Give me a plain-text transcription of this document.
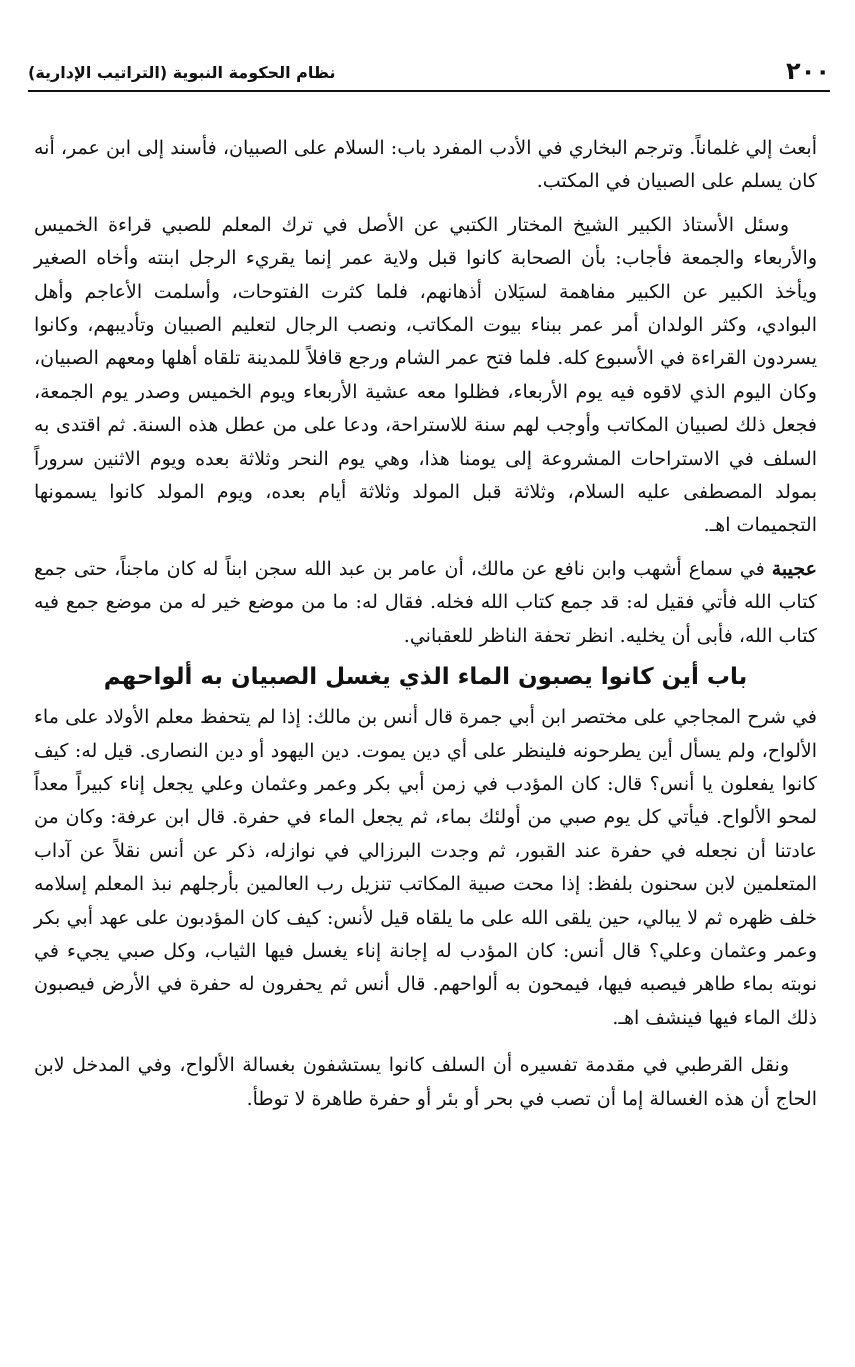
٢٠٠
نظام الحكومة النبوية (التراتيب الإدارية)

أبعث إلي غلماناً. وترجم البخاري في الأدب المفرد باب: السلام على الصبيان، فأسند إلى ابن عمر، أنه كان يسلم على الصبيان في المكتب.

وسئل الأستاذ الكبير الشيخ المختار الكتبي عن الأصل في ترك المعلم للصبي قراءة الخميس والأربعاء والجمعة فأجاب: بأن الصحابة كانوا قبل ولاية عمر إنما يقريء الرجل ابنته وأخاه الصغير ويأخذ الكبير عن الكبير مفاهمة لسيَلان أذهانهم، فلما كثرت الفتوحات، وأسلمت الأعاجم وأهل البوادي، وكثر الولدان أمر عمر ببناء بيوت المكاتب، ونصب الرجال لتعليم الصبيان وتأديبهم، وكانوا يسردون القراءة في الأسبوع كله. فلما فتح عمر الشام ورجع قافلاً للمدينة تلقاه أهلها ومعهم الصبيان، وكان اليوم الذي لاقوه فيه يوم الأربعاء، فظلوا معه عشية الأربعاء ويوم الخميس وصدر يوم الجمعة، فجعل ذلك لصبيان المكاتب وأوجب لهم سنة للاستراحة، ودعا على من عطل هذه السنة. ثم اقتدى به السلف في الاستراحات المشروعة إلى يومنا هذا، وهي يوم النحر وثلاثة بعده ويوم الاثنين سروراً بمولد المصطفى عليه السلام، وثلاثة قبل المولد وثلاثة أيام بعده، ويوم المولد كانوا يسمونها التجميمات اهـ.

عجيبة في سماع أشهب وابن نافع عن مالك، أن عامر بن عبد الله سجن ابناً له كان ماجناً، حتى جمع كتاب الله فأتي فقيل له: قد جمع كتاب الله فخله. فقال له: ما من موضع خير له من موضع جمع فيه كتاب الله، فأبى أن يخليه. انظر تحفة الناظر للعقباني.

باب أين كانوا يصبون الماء الذي يغسل الصبيان به ألواحهم

في شرح المجاجي على مختصر ابن أبي جمرة قال أنس بن مالك: إذا لم يتحفظ معلم الأولاد على ماء الألواح، ولم يسأل أين يطرحونه فلينظر على أي دين يموت. دين اليهود أو دين النصارى. قيل له: كيف كانوا يفعلون يا أنس؟ قال: كان المؤدب في زمن أبي بكر وعمر وعثمان وعلي يجعل إناء كبيراً معداً لمحو الألواح. فيأتي كل يوم صبي من أولئك بماء، ثم يجعل الماء في حفرة. قال ابن عرفة: وكان من عادتنا أن نجعله في حفرة عند القبور، ثم وجدت البرزالي في نوازله، ذكر عن أنس نقلاً عن آداب المتعلمين لابن سحنون بلفظ: إذا محت صبية المكاتب تنزيل رب العالمين بأرجلهم نبذ المعلم إسلامه خلف ظهره ثم لا يبالي، حين يلقى الله على ما يلقاه قيل لأنس: كيف كان المؤدبون على عهد أبي بكر وعمر وعثمان وعلي؟ قال أنس: كان المؤدب له إجانة إناء يغسل فيها الثياب، وكل صبي يجيء في نوبته بماء طاهر فيصبه فيها، فيمحون به ألواحهم. قال أنس ثم يحفرون له حفرة في الأرض فيصبون ذلك الماء فيها فينشف اهـ.

ونقل القرطبي في مقدمة تفسيره أن السلف كانوا يستشفون بغسالة الألواح، وفي المدخل لابن الحاج أن هذه الغسالة إما أن تصب في بحر أو بئر أو حفرة طاهرة لا توطأ.
